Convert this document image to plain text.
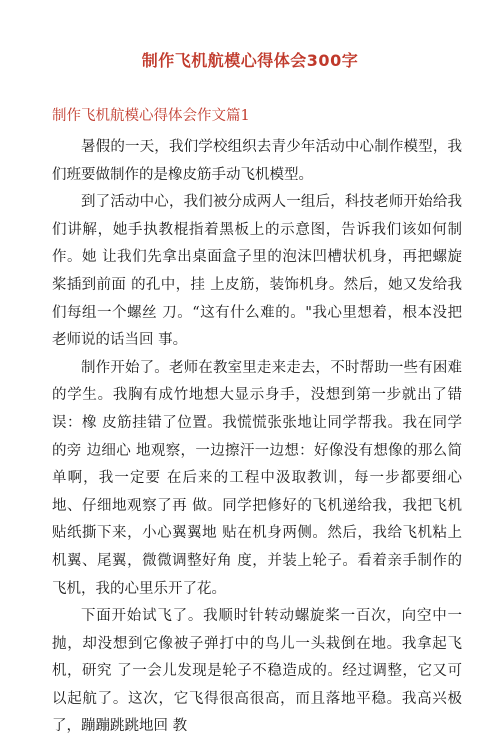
制作飞机航模心得体会300字
制作飞机航模心得体会作文篇1

暑假的一天，我们学校组织去青少年活动中心制作模型，我们班要做制作的是橡皮筋手动飞机模型。

到了活动中心，我们被分成两人一组后，科技老师开始给我们讲解，她手执教棍指着黑板上的示意图，告诉我们该如何制作。她 让我们先拿出桌面盒子里的泡沫凹槽状机身，再把螺旋桨插到前面 的孔中，挂 上皮筋，装饰机身。然后，她又发给我们每组一个螺丝 刀。“这有什么难的。"我心里想着，根本没把老师说的话当回 事。

制作开始了。老师在教室里走来走去，不时帮助一些有困难的学生。我胸有成竹地想大显示身手，没想到第一步就出了错误：橡 皮筋挂错了位置。我慌慌张张地让同学帮我。我在同学的旁 边细心 地观察，一边擦汗一边想：好像没有想像的那么简单啊，我一定要 在后来的工程中汲取教训，每一步都要细心地、仔细地观察了再 做。同学把修好的飞机递给我，我把飞机贴纸撕下来，小心翼翼地 贴在机身两侧。然后，我给飞机粘上机翼、尾翼，微微调整好角 度，并装上轮子。看着亲手制作的飞机，我的心里乐开了花。

下面开始试飞了。我顺时针转动螺旋桨一百次，向空中一抛，却没想到它像被子弹打中的鸟儿一头栽倒在地。我拿起飞机，研究 了一会儿发现是轮子不稳造成的。经过调整，它又可以起航了。这次，它飞得很高很高，而且落地平稳。我高兴极了，蹦蹦跳跳地回 教
